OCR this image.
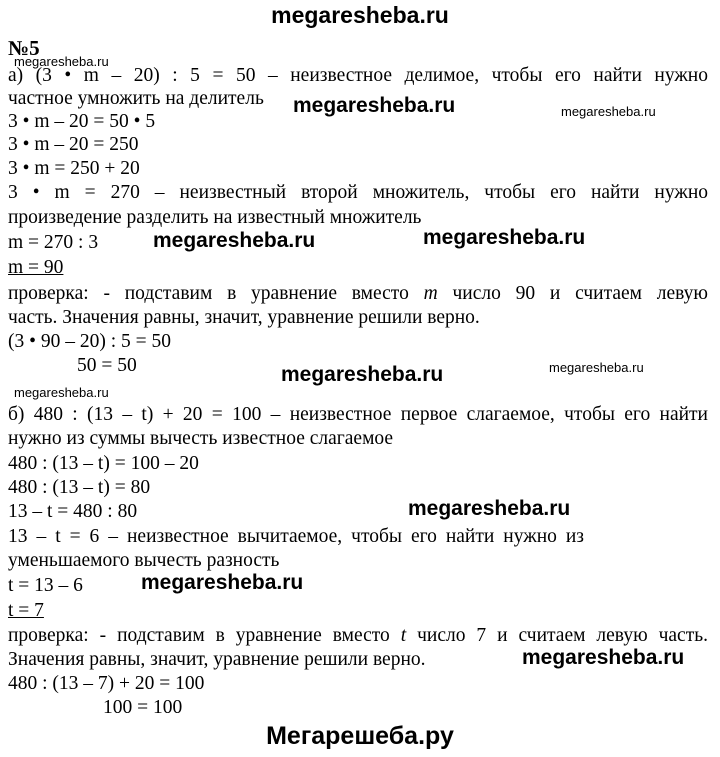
megaresheba.ru
№5
а) (3 • m – 20) : 5 = 50 – неизвестное делимое, чтобы его найти нужно
частное умножить на делитель
3 • m – 20 = 50 • 5
3 • m – 20 = 250
3 • m = 250 + 20
3 • m = 270 – неизвестный второй множитель, чтобы его найти нужно
произведение разделить на известный множитель
m = 270 : 3
m = 90
проверка: - подставим в уравнение вместо m число 90 и считаем левую
часть. Значения равны, значит, уравнение решили верно.
(3 • 90 – 20) : 5 = 50
50 = 50
б) 480 : (13 – t) + 20 = 100 – неизвестное первое слагаемое, чтобы его найти
нужно из суммы вычесть известное слагаемое
480 : (13 – t) = 100 – 20
480 : (13 – t) = 80
13 – t = 480 : 80
13 – t = 6 – неизвестное вычитаемое, чтобы его найти нужно из
уменьшаемого вычесть разность
t = 13 – 6
t = 7
проверка: - подставим в уравнение вместо t число 7 и считаем левую часть.
Значения равны, значит, уравнение решили верно.
480 : (13 – 7) + 20 = 100
100 = 100
megaresheba.ru
megaresheba.ru	megaresheba.ru
megaresheba.ru	megaresheba.ru
megaresheba.ru	megaresheba.ru
megaresheba.ru
megaresheba.ru
megaresheba.ru
megaresheba.ru
Мегарешеба.ру
